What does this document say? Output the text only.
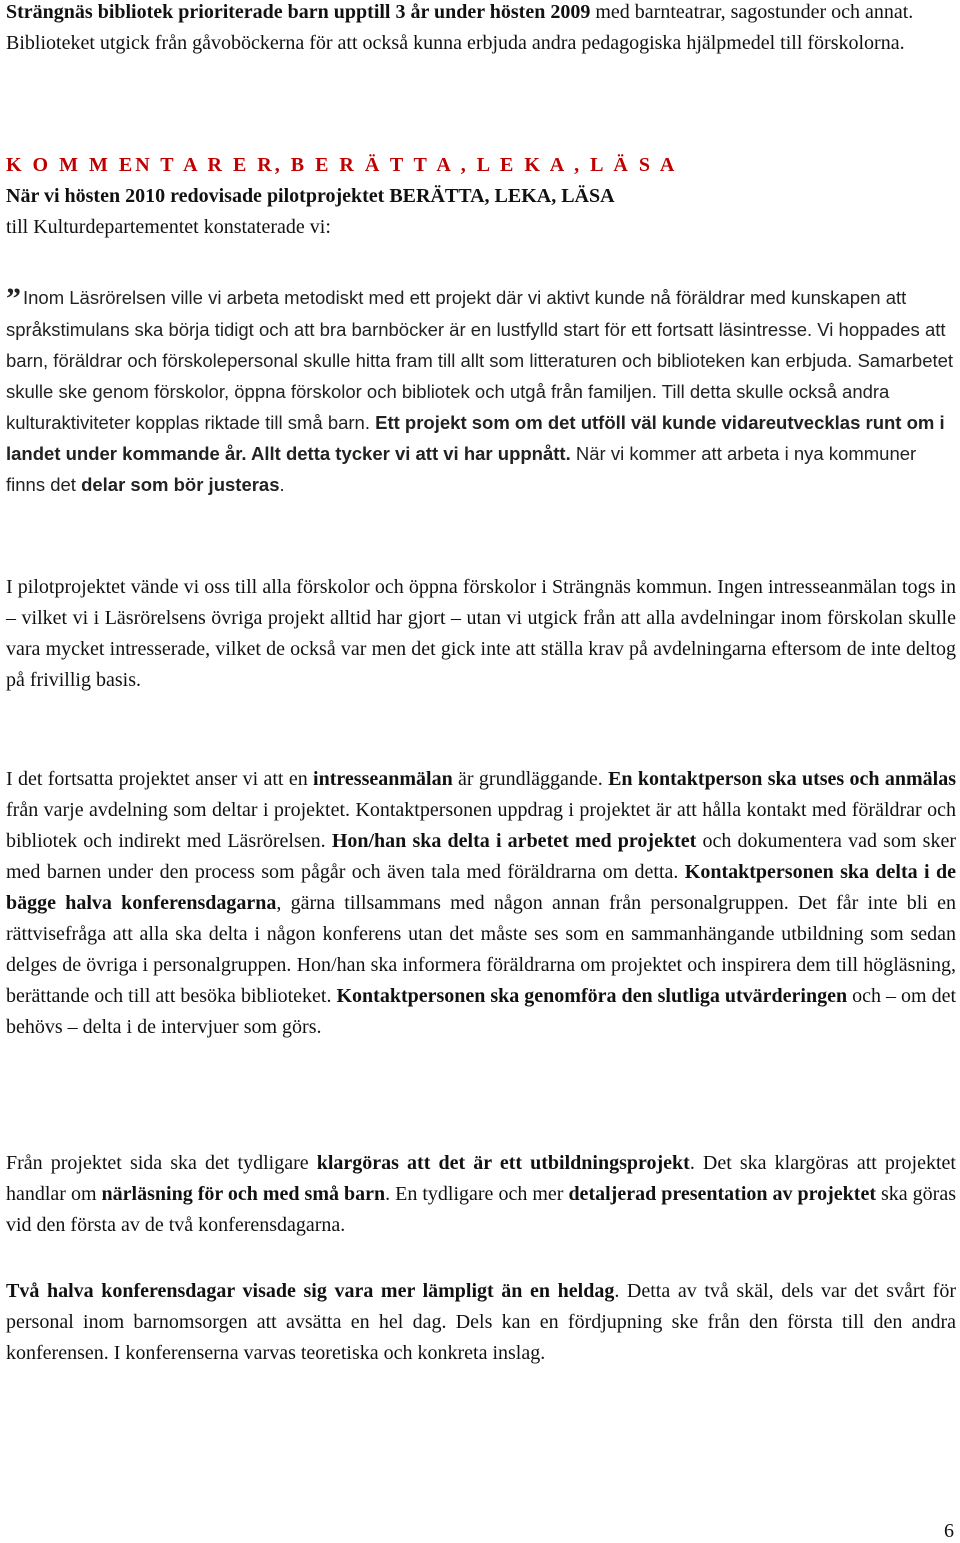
Strängnäs bibliotek prioriterade barn upptill 3 år under hösten 2009 med barnteatrar, sagostunder och annat. Biblioteket utgick från gåvoböckerna för att också kunna erbjuda andra pedagogiska hjälpmedel till förskolorna.

K O M M EN T A R E R, B E R Ä T T A , L E K A , L Ä S A
När vi hösten 2010 redovisade pilotprojektet BERÄTTA, LEKA, LÄSA
till Kulturdepartementet konstaterade vi:

” Inom Läsrörelsen ville vi arbeta metodiskt med ett projekt där vi aktivt kunde nå föräldrar med kunskapen att språkstimulans ska börja tidigt och att bra barnböcker är en lustfylld start för ett fortsatt läsintresse. Vi hoppades att barn, föräldrar och förskolepersonal skulle hitta fram till allt som litteraturen och biblioteken kan erbjuda. Samarbetet skulle ske genom förskolor, öppna förskolor och bibliotek och utgå från familjen. Till detta skulle också andra kulturaktiviteter kopplas riktade till små barn. Ett projekt som om det utföll väl kunde vidareutvecklas runt om i landet under kommande år. Allt detta tycker vi att vi har uppnått. När vi kommer att arbeta i nya kommuner finns det delar som bör justeras.

I pilotprojektet vände vi oss till alla förskolor och öppna förskolor i Strängnäs kommun. Ingen intresseanmälan togs in – vilket vi i Läsrörelsens övriga projekt alltid har gjort – utan vi utgick från att alla avdelningar inom förskolan skulle vara mycket intresserade, vilket de också var men det gick inte att ställa krav på avdelningarna eftersom de inte deltog på frivillig basis.

I det fortsatta projektet anser vi att en intresseanmälan är grundläggande. En kontaktperson ska utses och anmälas från varje avdelning som deltar i projektet. Kontaktpersonen uppdrag i projektet är att hålla kontakt med föräldrar och bibliotek och indirekt med Läsrörelsen. Hon/han ska delta i arbetet med projektet och dokumentera vad som sker med barnen under den process som pågår och även tala med föräldrarna om detta. Kontaktpersonen ska delta i de bägge halva konferensdagarna, gärna tillsammans med någon annan från personalgruppen. Det får inte bli en rättvisefråga att alla ska delta i någon konferens utan det måste ses som en sammanhängande utbildning som sedan delges de övriga i personalgruppen. Hon/han ska informera föräldrarna om projektet och inspirera dem till högläsning, berättande och till att besöka biblioteket. Kontaktpersonen ska genomföra den slutliga utvärderingen och – om det behövs – delta i de intervjuer som görs.

Från projektet sida ska det tydligare klargöras att det är ett utbildningsprojekt. Det ska klargöras att projektet handlar om närläsning för och med små barn. En tydligare och mer detaljerad presentation av projektet ska göras vid den första av de två konferensdagarna.

Två halva konferensdagar visade sig vara mer lämpligt än en heldag. Detta av två skäl, dels var det svårt för personal inom barnomsorgen att avsätta en hel dag. Dels kan en fördjupning ske från den första till den andra konferensen. I konferenserna varvas teoretiska och konkreta inslag.

6
